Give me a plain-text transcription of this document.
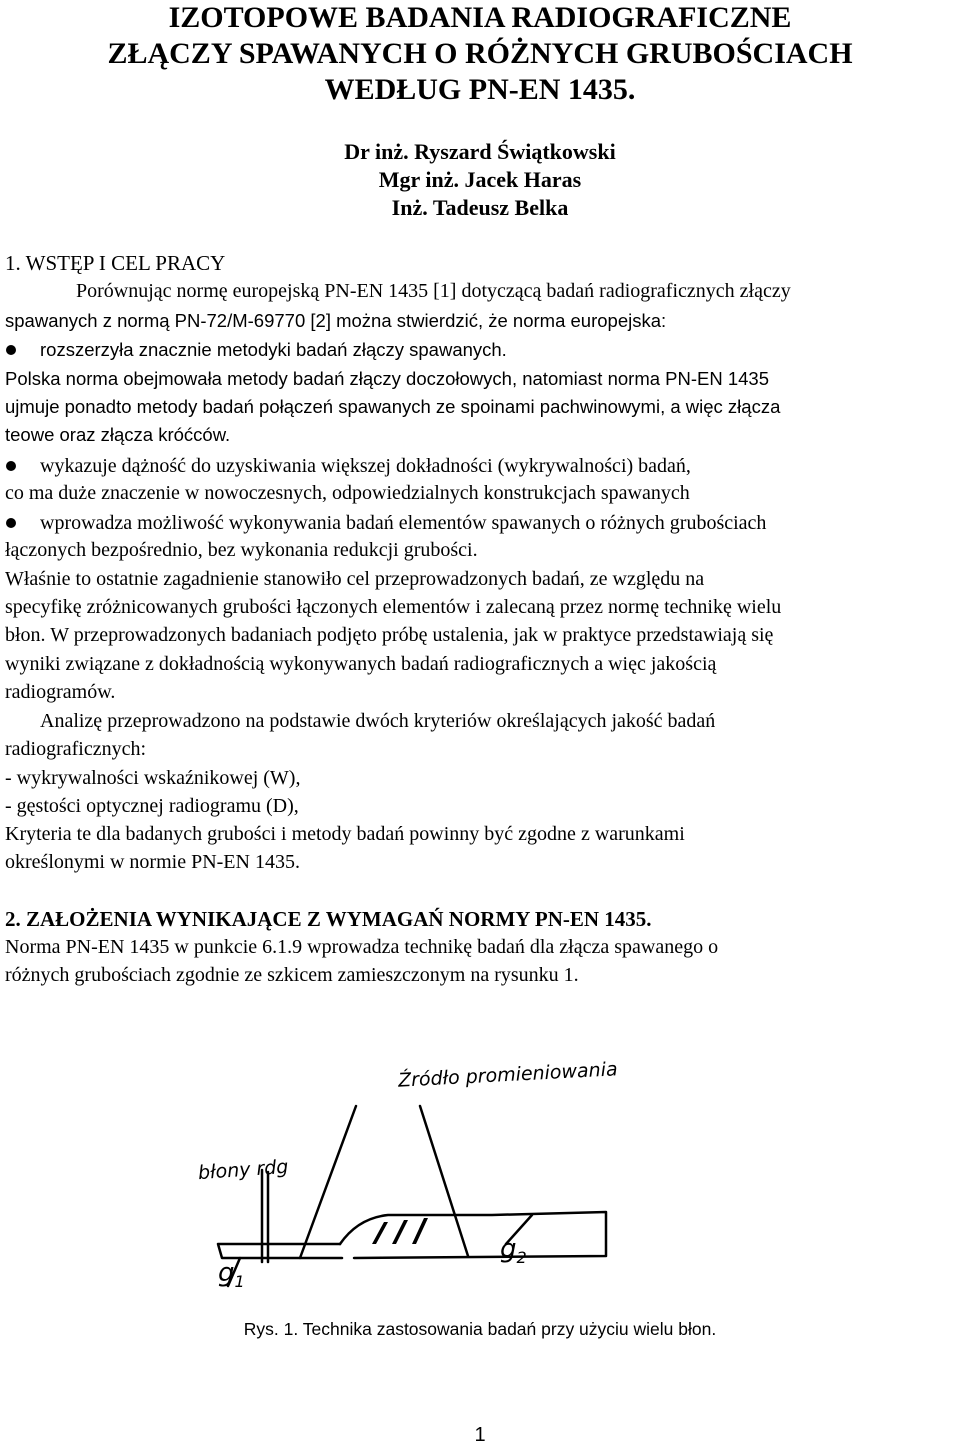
IZOTOPOWE BADANIA RADIOGRAFICZNE
ZŁĄCZY SPAWANYCH O RÓŻNYCH GRUBOŚCIACH
WEDŁUG PN-EN 1435.
Dr inż. Ryszard Świątkowski
Mgr inż. Jacek Haras
Inż. Tadeusz Belka
1. WSTĘP I CEL PRACY
Porównując normę europejską PN-EN 1435 [1] dotyczącą badań radiograficznych złączy
spawanych z normą PN-72/M-69770 [2] można stwierdzić, że norma europejska:
rozszerzyła znacznie metodyki badań złączy spawanych.
Polska norma obejmowała metody badań złączy doczołowych, natomiast norma PN-EN 1435
ujmuje ponadto metody badań połączeń spawanych ze spoinami pachwinowymi, a więc złącza
teowe oraz złącza króćców.
wykazuje dążność do uzyskiwania większej dokładności (wykrywalności) badań,
co ma duże znaczenie w nowoczesnych, odpowiedzialnych konstrukcjach spawanych
wprowadza możliwość wykonywania badań elementów spawanych o różnych grubościach
łączonych bezpośrednio, bez wykonania redukcji grubości.
Właśnie to ostatnie zagadnienie stanowiło cel przeprowadzonych badań, ze względu na
specyfikę zróżnicowanych grubości łączonych elementów i zalecaną przez normę technikę wielu
błon. W przeprowadzonych badaniach podjęto próbę ustalenia, jak w praktyce przedstawiają się
wyniki związane z dokładnością wykonywanych badań radiograficznych a więc jakością
radiogramów.
Analizę przeprowadzono na podstawie dwóch kryteriów określających jakość badań
radiograficznych:
- wykrywalności wskaźnikowej (W),
- gęstości optycznej radiogramu (D),
Kryteria te dla badanych grubości i metody badań powinny być zgodne z warunkami
określonymi w normie PN-EN 1435.
2. ZAŁOŻENIA WYNIKAJĄCE Z WYMAGAŃ NORMY PN-EN 1435.
Norma PN-EN 1435 w punkcie 6.1.9 wprowadza technikę badań dla złącza spawanego o
różnych grubościach zgodnie ze szkicem zamieszczonym na rysunku 1.
Źródło promieniowania
błony rdg
$g_1$
$g_2$
Rys. 1. Technika zastosowania badań przy użyciu wielu błon.
1
